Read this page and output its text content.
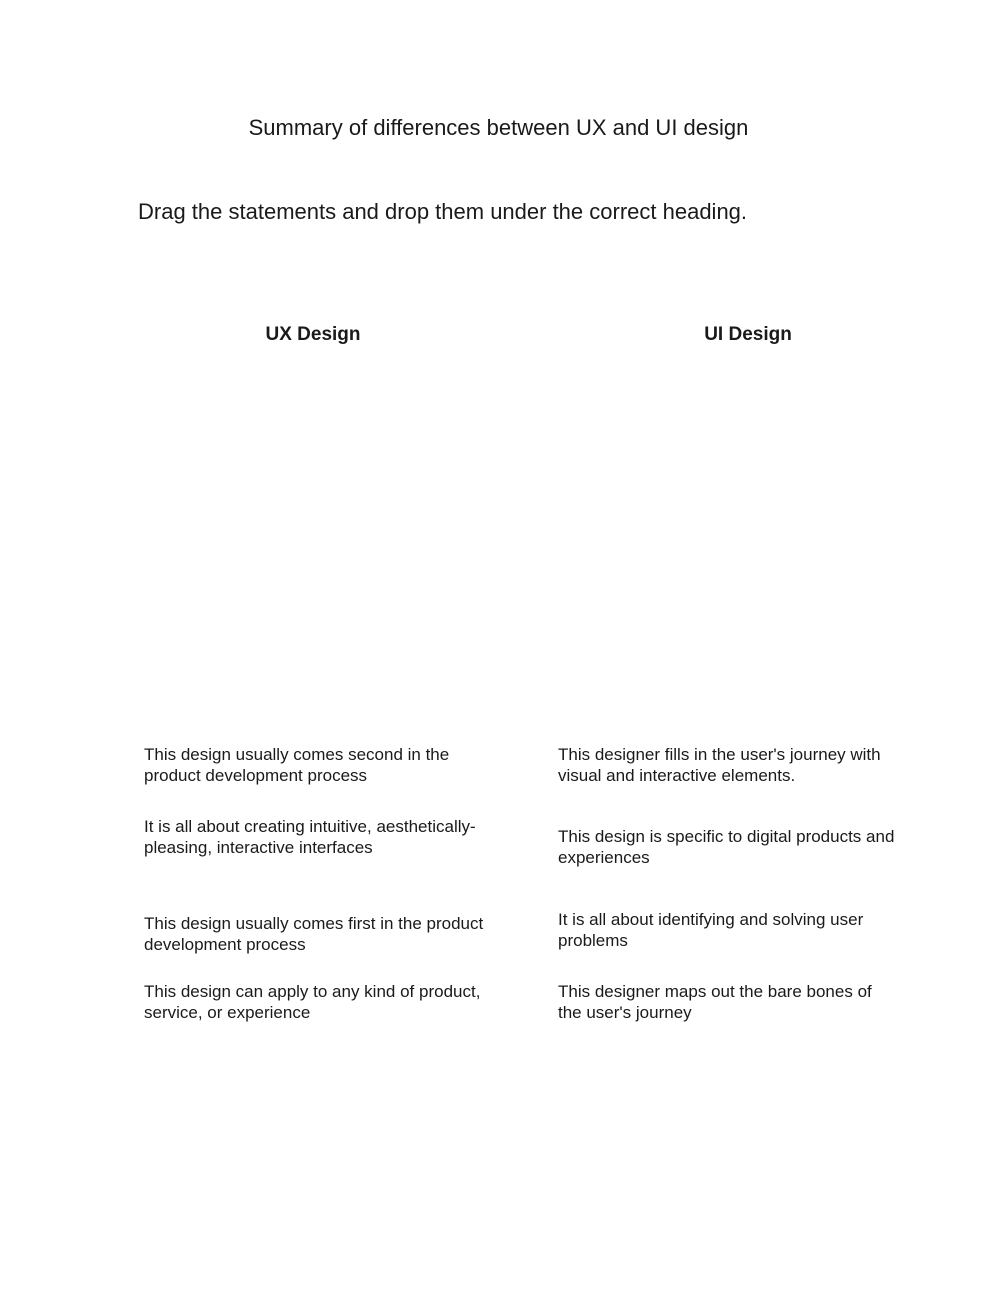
Summary of differences between UX and UI design
Drag the statements and drop them under the correct heading.
UX Design	UI Design
This design usually comes second in the product development process
It is all about creating intuitive, aesthetically-pleasing, interactive interfaces
This design usually comes first in the product development process
This design can apply to any kind of product, service, or experience
This designer fills in the user's journey with visual and interactive elements.
This design is specific to digital products and experiences
It is all about identifying and solving user problems
This designer maps out the bare bones of the user's journey
